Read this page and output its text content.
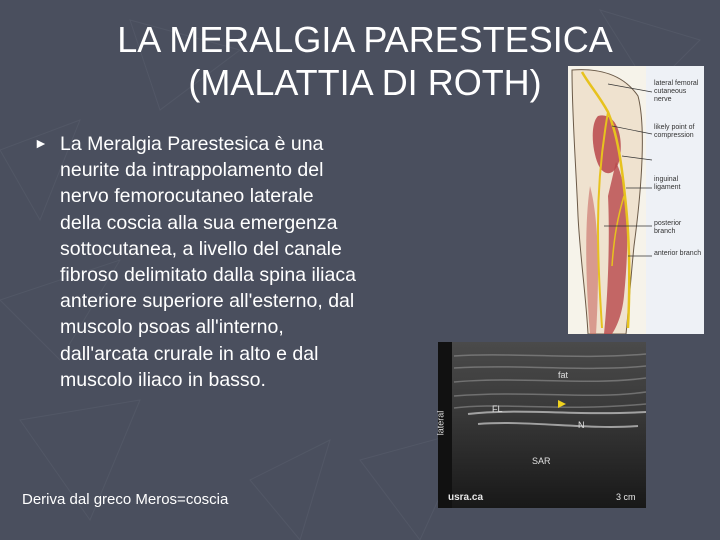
LA MERALGIA PARESTESICA
(MALATTIA DI ROTH)
► La Meralgia Parestesica è una neurite da intrappolamento del nervo femorocutaneo laterale della coscia alla sua emergenza sottocutanea, a livello del canale fibroso delimitato dalla spina iliaca anteriore superiore all'esterno, dal muscolo psoas all'interno, dall'arcata crurale in alto e dal muscolo iliaco in basso.
Deriva dal greco Meros=coscia
lateral femoral cutaneous nerve
likely point of compression
inguinal ligament
posterior branch
anterior branch
fat
FL
N
SAR
lateral
usra.ca	3 cm
